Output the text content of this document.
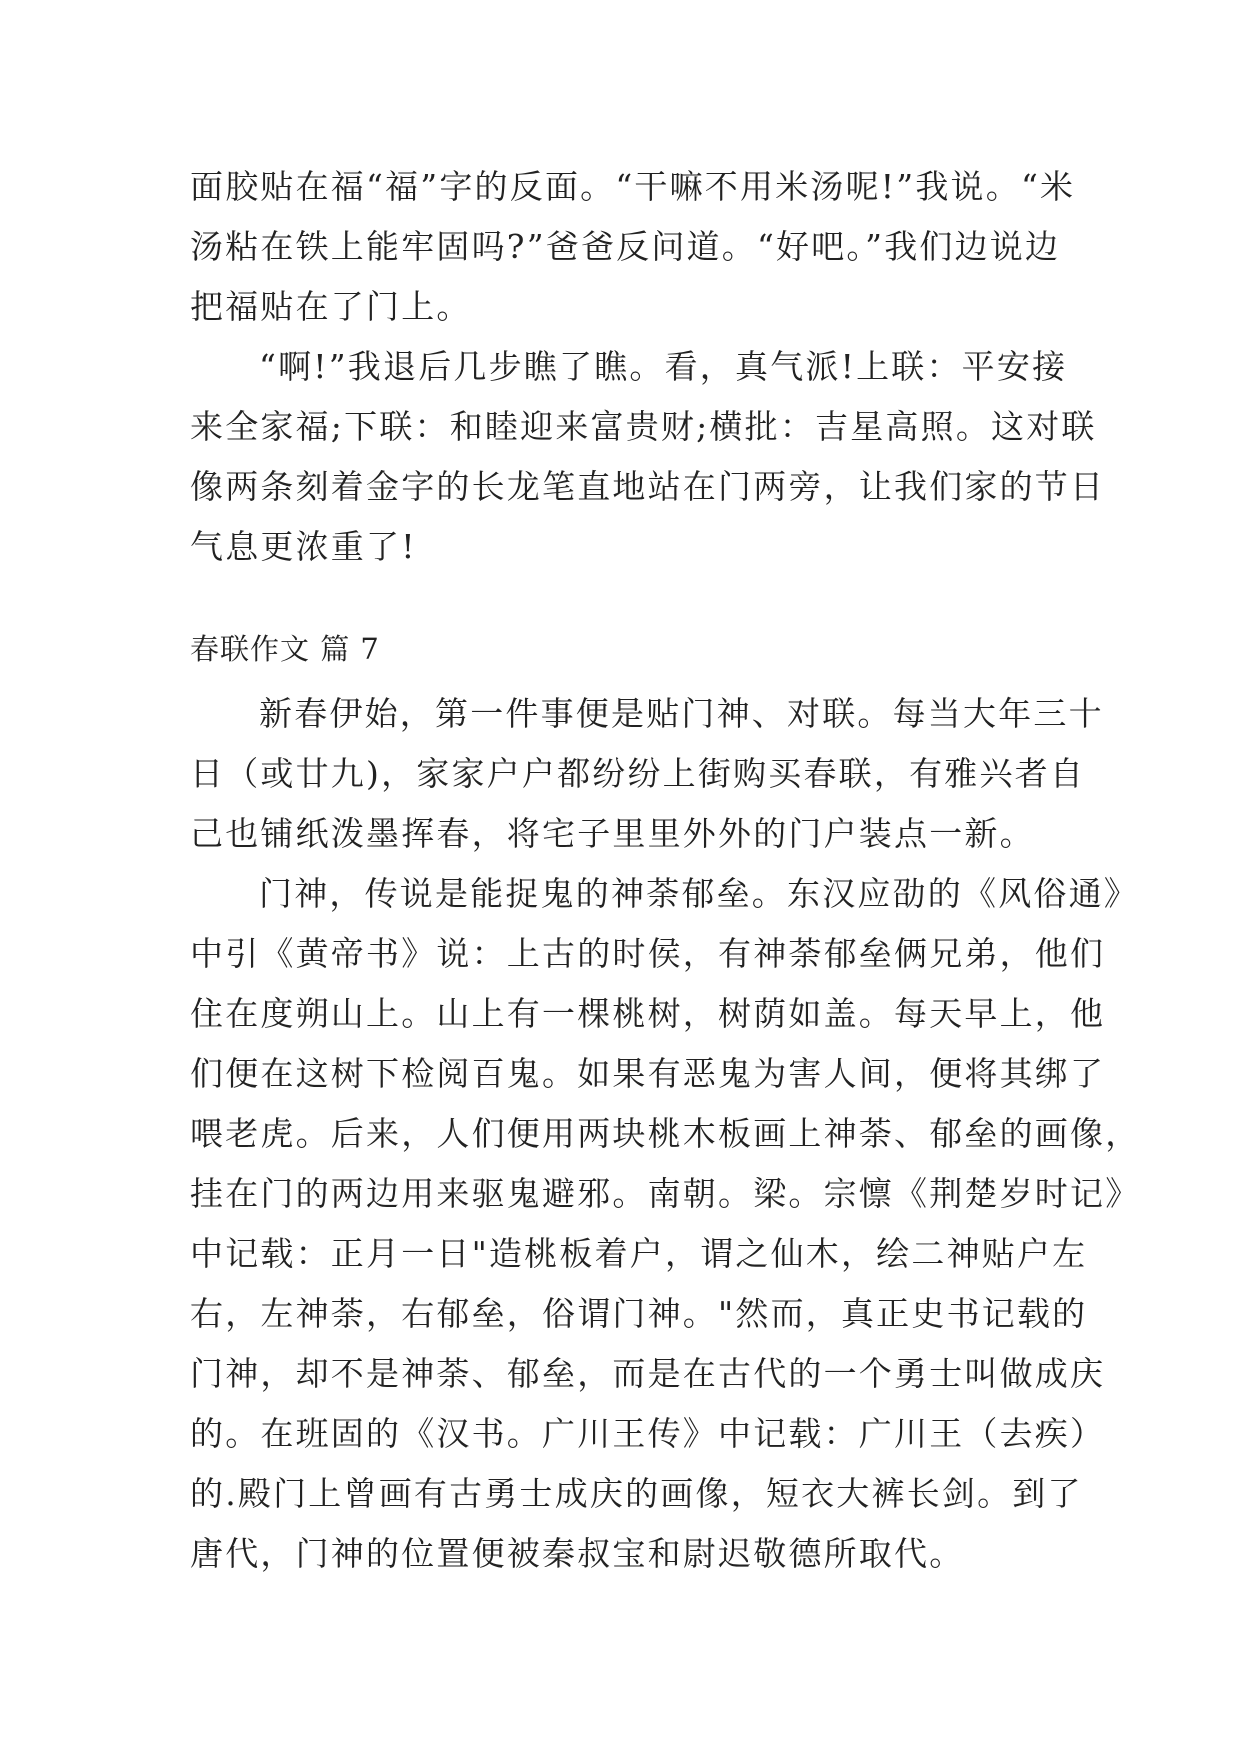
面胶贴在福“福”字的反面。“干嘛不用米汤呢!”我说。“米
汤粘在铁上能牢固吗?”爸爸反问道。“好吧。”我们边说边
把福贴在了门上。
“啊!”我退后几步瞧了瞧。看，真气派!上联：平安接
来全家福;下联：和睦迎来富贵财;横批：吉星高照。这对联
像两条刻着金字的长龙笔直地站在门两旁，让我们家的节日
气息更浓重了!
春联作文 篇 7
新春伊始，第一件事便是贴门神、对联。每当大年三十
日（或廿九)，家家户户都纷纷上街购买春联，有雅兴者自
己也铺纸泼墨挥春，将宅子里里外外的门户装点一新。
门神，传说是能捉鬼的神荼郁垒。东汉应劭的《风俗通》
中引《黄帝书》说：上古的时侯，有神荼郁垒俩兄弟，他们
住在度朔山上。山上有一棵桃树，树荫如盖。每天早上，他
们便在这树下检阅百鬼。如果有恶鬼为害人间，便将其绑了
喂老虎。后来，人们便用两块桃木板画上神荼、郁垒的画像，
挂在门的两边用来驱鬼避邪。南朝。梁。宗懔《荆楚岁时记》
中记载：正月一日"造桃板着户，谓之仙木，绘二神贴户左
右，左神荼，右郁垒，俗谓门神。"然而，真正史书记载的
门神，却不是神荼、郁垒，而是在古代的一个勇士叫做成庆
的。在班固的《汉书。广川王传》中记载：广川王（去疾）
的.殿门上曾画有古勇士成庆的画像，短衣大裤长剑。到了
唐代，门神的位置便被秦叔宝和尉迟敬德所取代。
